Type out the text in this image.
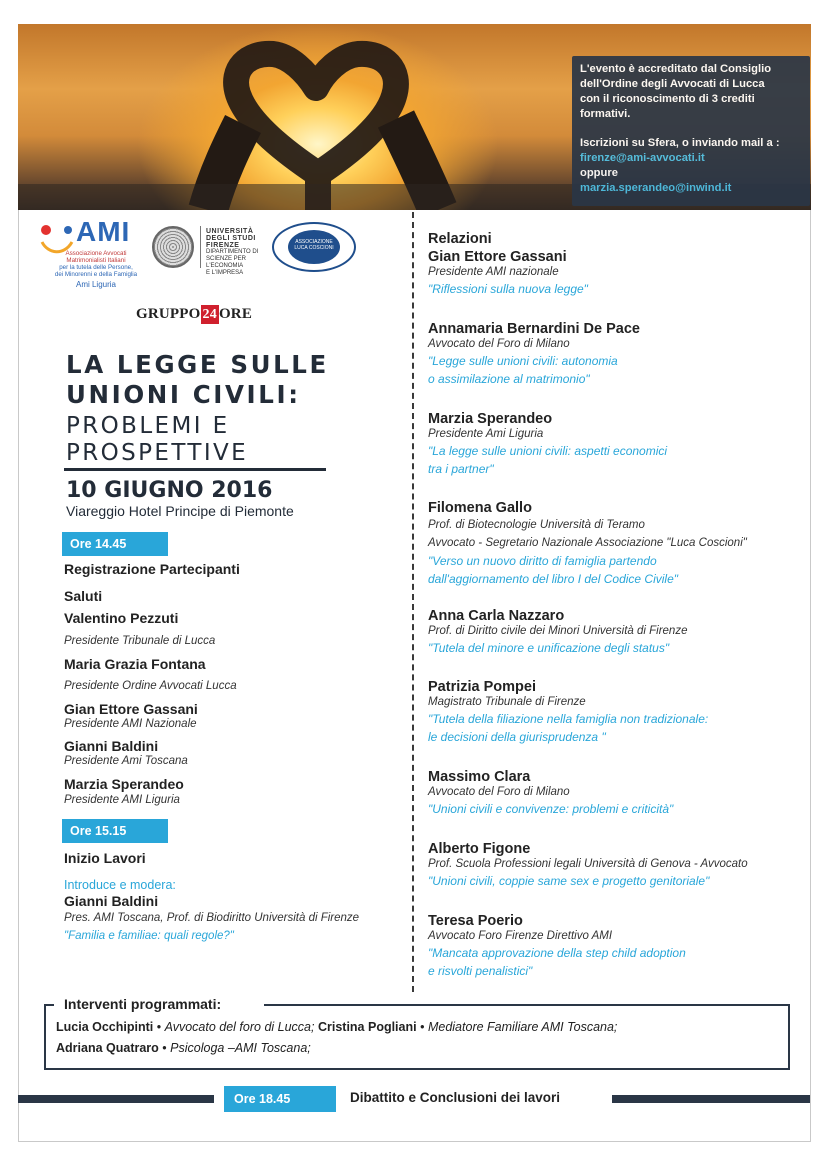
L'evento è accreditato dal Consiglio
dell'Ordine degli Avvocati di Lucca
con il riconoscimento di 3 crediti
formativi.
Iscrizioni su Sfera, o inviando mail a :
firenze@ami-avvocati.it
oppure
marzia.sperandeo@inwind.it
AMI
Associazione Avvocati
Matrimonialisti Italiani
per la tutela delle Persone,
dei Minorenni e della Famiglia
Ami Liguria
UNIVERSITÀ
DEGLI STUDI
FIRENZE
DIPARTIMENTO DI
SCIENZE PER L'ECONOMIA
E L'IMPRESA
ASSOCIAZIONE LUCA COSCIONI
GRUPPO 24 ORE
LA LEGGE SULLE
UNIONI CIVILI:
PROBLEMI E
PROSPETTIVE
10 GIUGNO 2016
Viareggio Hotel Principe di Piemonte
Ore 14.45
Registrazione Partecipanti
Saluti
Valentino Pezzuti
Presidente Tribunale di Lucca
Maria Grazia Fontana
Presidente Ordine Avvocati Lucca
Gian Ettore Gassani
Presidente AMI Nazionale
Gianni Baldini
Presidente Ami Toscana
Marzia Sperandeo
Presidente AMI Liguria
Ore 15.15
Inizio Lavori
Introduce e modera:
Gianni Baldini
Pres. AMI Toscana, Prof. di Biodiritto Università di Firenze
"Familia e familiae: quali regole?"
Relazioni
Gian Ettore Gassani
Presidente AMI nazionale
"Riflessioni sulla nuova legge"
Annamaria Bernardini De Pace
Avvocato del Foro di Milano
"Legge sulle unioni civili: autonomia
o assimilazione al matrimonio"
Marzia Sperandeo
Presidente Ami Liguria
"La legge sulle unioni civili: aspetti economici
tra i partner"
Filomena Gallo
Prof. di Biotecnologie Università di Teramo
Avvocato - Segretario Nazionale Associazione "Luca Coscioni"
"Verso un nuovo diritto di famiglia partendo
dall'aggiornamento del libro I del Codice Civile"
Anna Carla Nazzaro
Prof. di Diritto civile dei Minori Università di Firenze
"Tutela del minore e unificazione degli status"
Patrizia Pompei
Magistrato Tribunale di Firenze
"Tutela della filiazione nella famiglia non tradizionale:
le decisioni della giurisprudenza "
Massimo Clara
Avvocato del Foro di Milano
"Unioni civili e convivenze: problemi e criticità"
Alberto Figone
Prof. Scuola Professioni legali Università di Genova - Avvocato
"Unioni civili, coppie same sex e progetto genitoriale"
Teresa Poerio
Avvocato Foro Firenze Direttivo AMI
"Mancata approvazione della step child adoption
e risvolti penalistici"
Interventi programmati:
Lucia Occhipinti • Avvocato del foro di Lucca; Cristina Pogliani • Mediatore Familiare AMI Toscana;
Adriana Quatraro • Psicologa –AMI Toscana;
Ore 18.45	Dibattito e Conclusioni dei lavori
